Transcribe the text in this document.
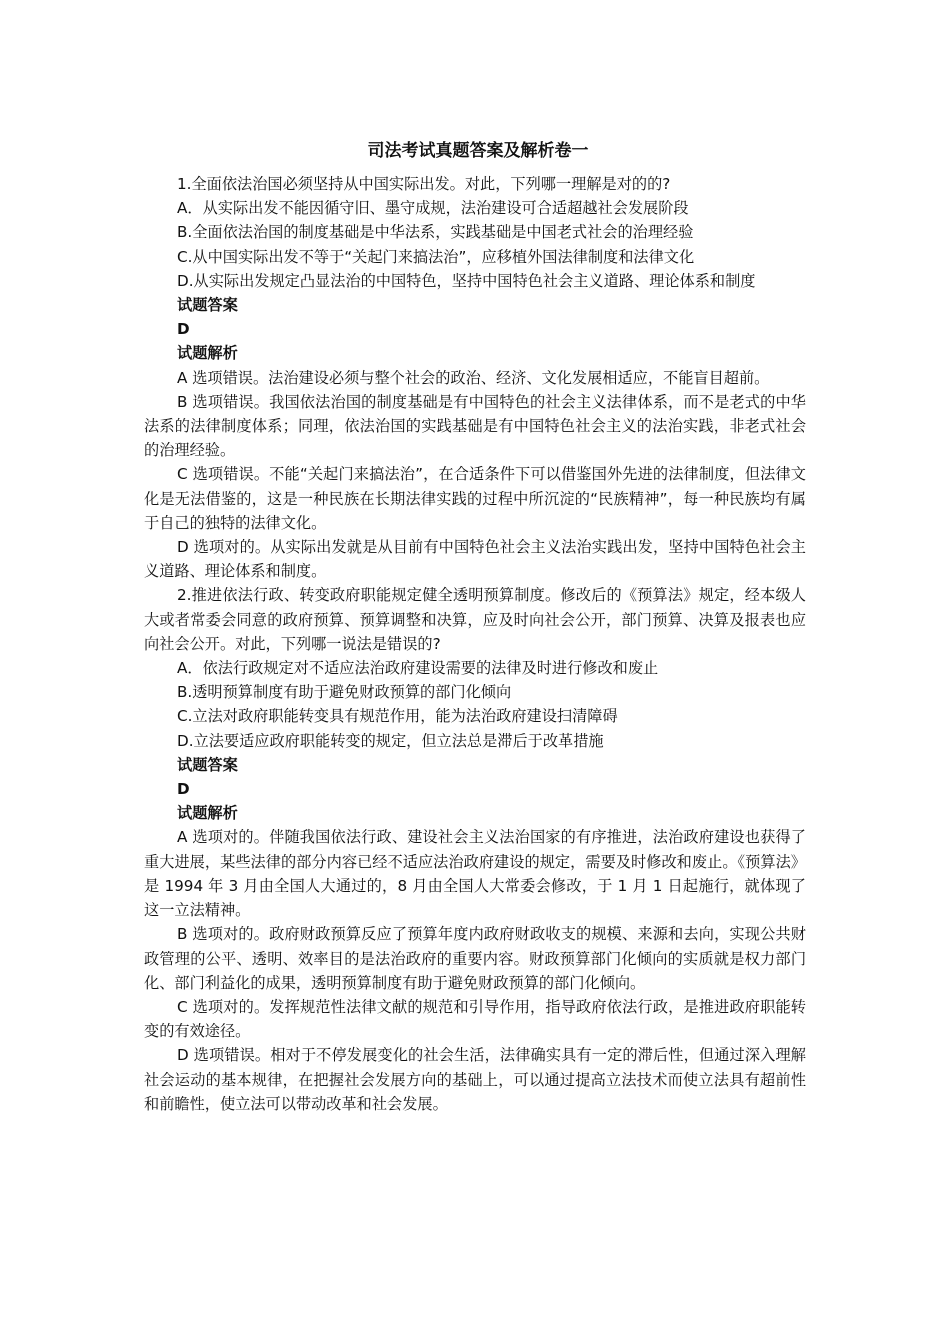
司法考试真题答案及解析卷一

1.全面依法治国必须坚持从中国实际出发。对此，下列哪一理解是对的的?

A．从实际出发不能因循守旧、墨守成规，法治建设可合适超越社会发展阶段

B.全面依法治国的制度基础是中华法系，实践基础是中国老式社会的治理经验

C.从中国实际出发不等于“关起门来搞法治”，应移植外国法律制度和法律文化

D.从实际出发规定凸显法治的中国特色，坚持中国特色社会主义道路、理论体系和制度

试题答案

D

试题解析

A 选项错误。法治建设必须与整个社会的政治、经济、文化发展相适应，不能盲目超前。

B 选项错误。我国依法治国的制度基础是有中国特色的社会主义法律体系，而不是老式的中华法系的法律制度体系；同理，依法治国的实践基础是有中国特色社会主义的法治实践，非老式社会的治理经验。

C 选项错误。不能“关起门来搞法治”，在合适条件下可以借鉴国外先进的法律制度，但法律文化是无法借鉴的，这是一种民族在长期法律实践的过程中所沉淀的“民族精神”，每一种民族均有属于自己的独特的法律文化。

D 选项对的。从实际出发就是从目前有中国特色社会主义法治实践出发，坚持中国特色社会主义道路、理论体系和制度。

2.推进依法行政、转变政府职能规定健全透明预算制度。修改后的《预算法》规定，经本级人大或者常委会同意的政府预算、预算调整和决算，应及时向社会公开，部门预算、决算及报表也应向社会公开。对此，下列哪一说法是错误的?

A．依法行政规定对不适应法治政府建设需要的法律及时进行修改和废止

B.透明预算制度有助于避免财政预算的部门化倾向

C.立法对政府职能转变具有规范作用，能为法治政府建设扫清障碍

D.立法要适应政府职能转变的规定，但立法总是滞后于改革措施

试题答案

D

试题解析

A 选项对的。伴随我国依法行政、建设社会主义法治国家的有序推进，法治政府建设也获得了重大进展，某些法律的部分内容已经不适应法治政府建设的规定，需要及时修改和废止。《预算法》是 1994 年 3 月由全国人大通过的，8 月由全国人大常委会修改，于 1 月 1 日起施行，就体现了这一立法精神。

B 选项对的。政府财政预算反应了预算年度内政府财政收支的规模、来源和去向，实现公共财政管理的公平、透明、效率目的是法治政府的重要内容。财政预算部门化倾向的实质就是权力部门化、部门利益化的成果，透明预算制度有助于避免财政预算的部门化倾向。

C 选项对的。发挥规范性法律文献的规范和引导作用，指导政府依法行政，是推进政府职能转变的有效途径。

D 选项错误。相对于不停发展变化的社会生活，法律确实具有一定的滞后性，但通过深入理解社会运动的基本规律，在把握社会发展方向的基础上，可以通过提高立法技术而使立法具有超前性和前瞻性，使立法可以带动改革和社会发展。
